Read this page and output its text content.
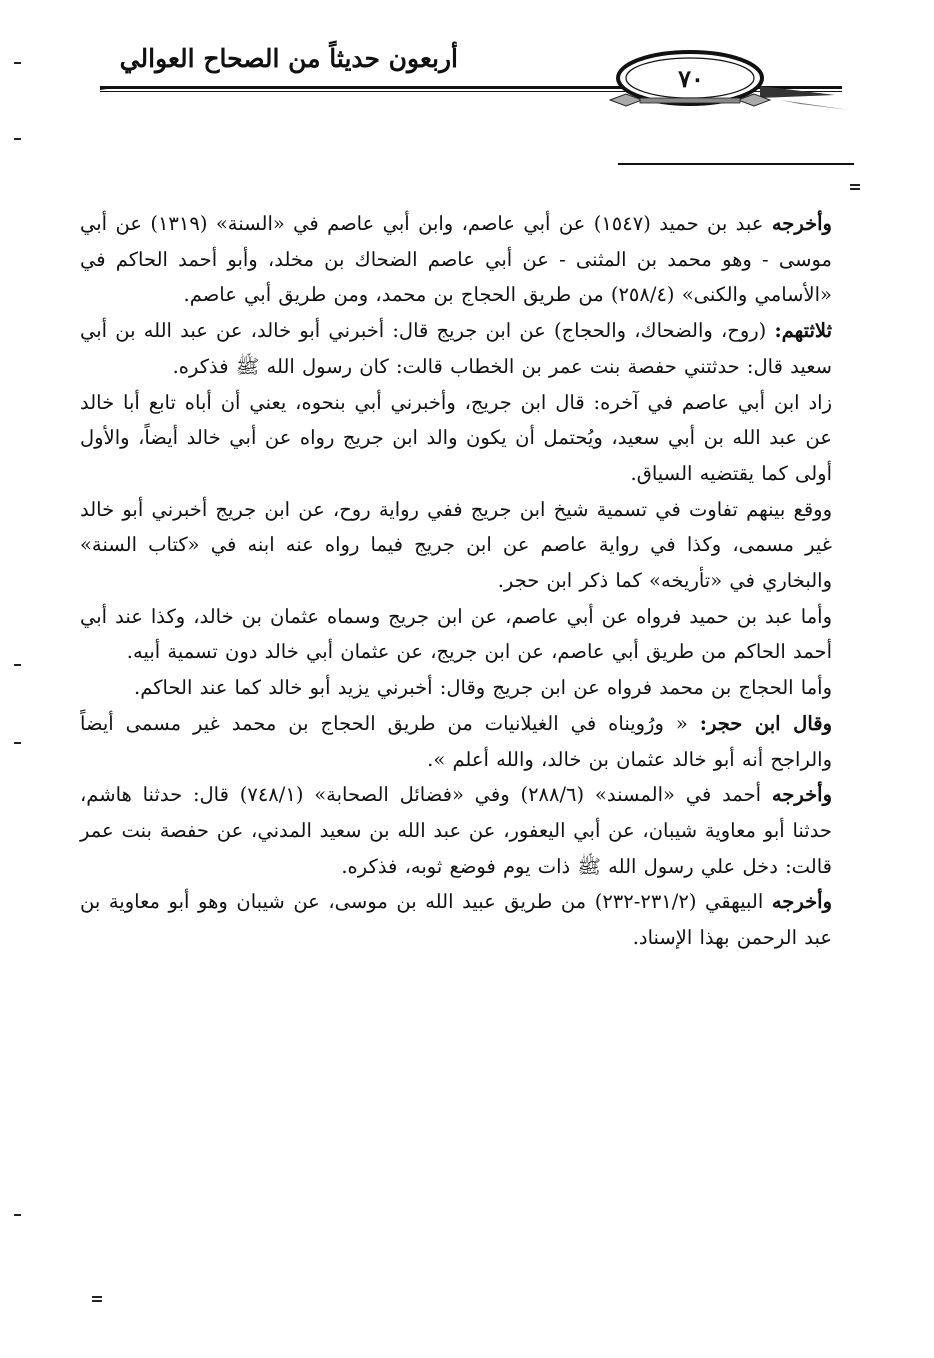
أربعون حديثاً من الصحاح العوالي
٧٠

وأخرجه عبد بن حميد (١٥٤٧) عن أبي عاصم، وابن أبي عاصم في «السنة» (١٣١٩) عن أبي موسى - وهو محمد بن المثنى - عن أبي عاصم الضحاك بن مخلد، وأبو أحمد الحاكم في «الأسامي والكنى» (٢٥٨/٤) من طريق الحجاج بن محمد، ومن طريق أبي عاصم.

ثلاثتهم: (روح، والضحاك، والحجاج) عن ابن جريج قال: أخبرني أبو خالد، عن عبد الله بن أبي سعيد قال: حدثتني حفصة بنت عمر بن الخطاب قالت: كان رسول الله ﷺ فذكره.

زاد ابن أبي عاصم في آخره: قال ابن جريج، وأخبرني أبي بنحوه، يعني أن أباه تابع أبا خالد عن عبد الله بن أبي سعيد، ويُحتمل أن يكون والد ابن جريج رواه عن أبي خالد أيضاً، والأول أولى كما يقتضيه السياق.

ووقع بينهم تفاوت في تسمية شيخ ابن جريج ففي رواية روح، عن ابن جريج أخبرني أبو خالد غير مسمى، وكذا في رواية عاصم عن ابن جريج فيما رواه عنه ابنه في «كتاب السنة» والبخاري في «تأريخه» كما ذكر ابن حجر.

وأما عبد بن حميد فرواه عن أبي عاصم، عن ابن جريج وسماه عثمان بن خالد، وكذا عند أبي أحمد الحاكم من طريق أبي عاصم، عن ابن جريج، عن عثمان أبي خالد دون تسمية أبيه.

وأما الحجاج بن محمد فرواه عن ابن جريج وقال: أخبرني يزيد أبو خالد كما عند الحاكم.

وقال ابن حجر: « ورُويناه في الغيلانيات من طريق الحجاج بن محمد غير مسمى أيضاً والراجح أنه أبو خالد عثمان بن خالد، والله أعلم ».

وأخرجه أحمد في «المسند» (٢٨٨/٦) وفي «فضائل الصحابة» (٧٤٨/١) قال: حدثنا هاشم، حدثنا أبو معاوية شيبان، عن أبي اليعفور، عن عبد الله بن سعيد المدني، عن حفصة بنت عمر قالت: دخل علي رسول الله ﷺ ذات يوم فوضع ثوبه، فذكره.

وأخرجه البيهقي (٢٣١/٢-٢٣٢) من طريق عبيد الله بن موسى، عن شيبان وهو أبو معاوية بن عبد الرحمن بهذا الإسناد.
